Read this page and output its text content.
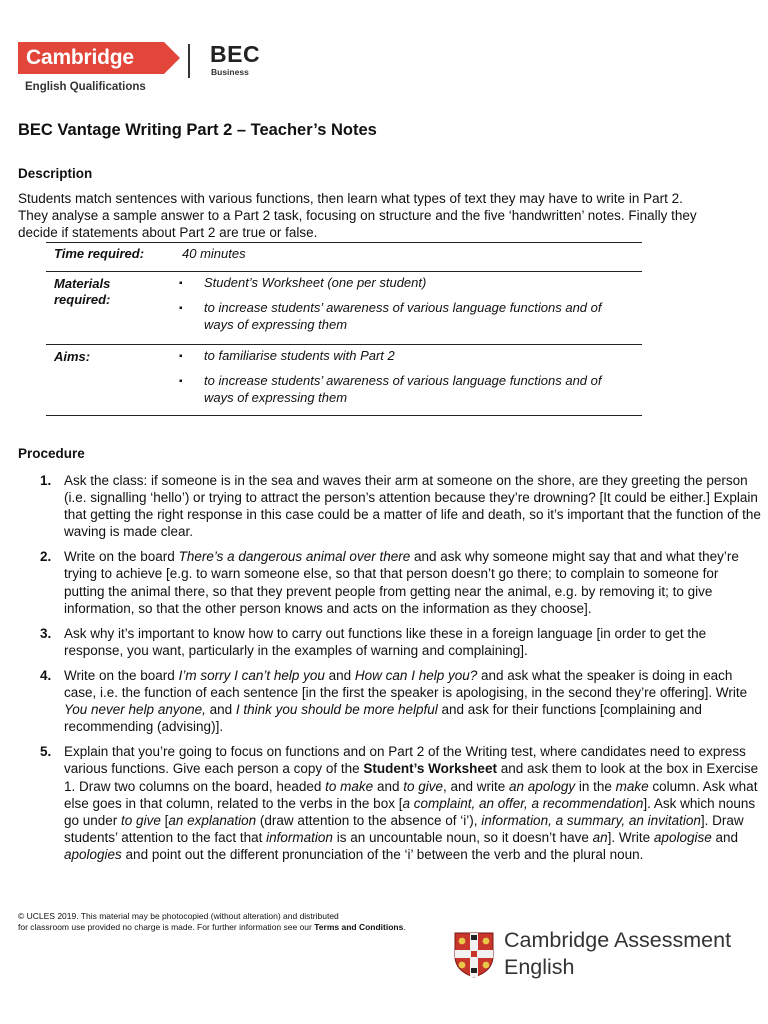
Cambridge
English Qualifications
BEC
Business
BEC Vantage Writing Part 2 – Teacher’s Notes
Description
Students match sentences with various functions, then learn what types of text they may have to write in Part 2.
They analyse a sample answer to a Part 2 task, focusing on structure and the five ‘handwritten’ notes. Finally they
decide if statements about Part 2 are true or false.
Time required:	40 minutes
Materials
required:
▪ Student’s Worksheet (one per student)
▪ to increase students’ awareness of various language functions and of ways of expressing them
Aims:	▪ to familiarise students with Part 2
▪ to increase students’ awareness of various language functions and of ways of expressing them
Procedure
1. Ask the class: if someone is in the sea and waves their arm at someone on the shore, are they greeting the person (i.e. signalling ‘hello’) or trying to attract the person’s attention because they’re drowning? [It could be either.] Explain that getting the right response in this case could be a matter of life and death, so it’s important that the function of the waving is made clear.
2. Write on the board There’s a dangerous animal over there and ask why someone might say that and what they’re trying to achieve [e.g. to warn someone else, so that that person doesn’t go there; to complain to someone for putting the animal there, so that they prevent people from getting near the animal, e.g. by removing it; to give information, so that the other person knows and acts on the information as they choose].
3. Ask why it’s important to know how to carry out functions like these in a foreign language [in order to get the response, you want, particularly in the examples of warning and complaining].
4. Write on the board I’m sorry I can’t help you and How can I help you? and ask what the speaker is doing in each case, i.e. the function of each sentence [in the first the speaker is apologising, in the second they’re offering]. Write You never help anyone, and I think you should be more helpful and ask for their functions [complaining and recommending (advising)].
5. Explain that you’re going to focus on functions and on Part 2 of the Writing test, where candidates need to express various functions. Give each person a copy of the Student’s Worksheet and ask them to look at the box in Exercise 1. Draw two columns on the board, headed to make and to give, and write an apology in the make column. Ask what else goes in that column, related to the verbs in the box [a complaint, an offer, a recommendation]. Ask which nouns go under to give [an explanation (draw attention to the absence of ‘i’), information, a summary, an invitation]. Draw students’ attention to the fact that information is an uncountable noun, so it doesn’t have an]. Write apologise and apologies and point out the different pronunciation of the ‘i’ between the verb and the plural noun.
© UCLES 2019. This material may be photocopied (without alteration) and distributed
for classroom use provided no charge is made. For further information see our Terms and Conditions.
Cambridge Assessment
English
